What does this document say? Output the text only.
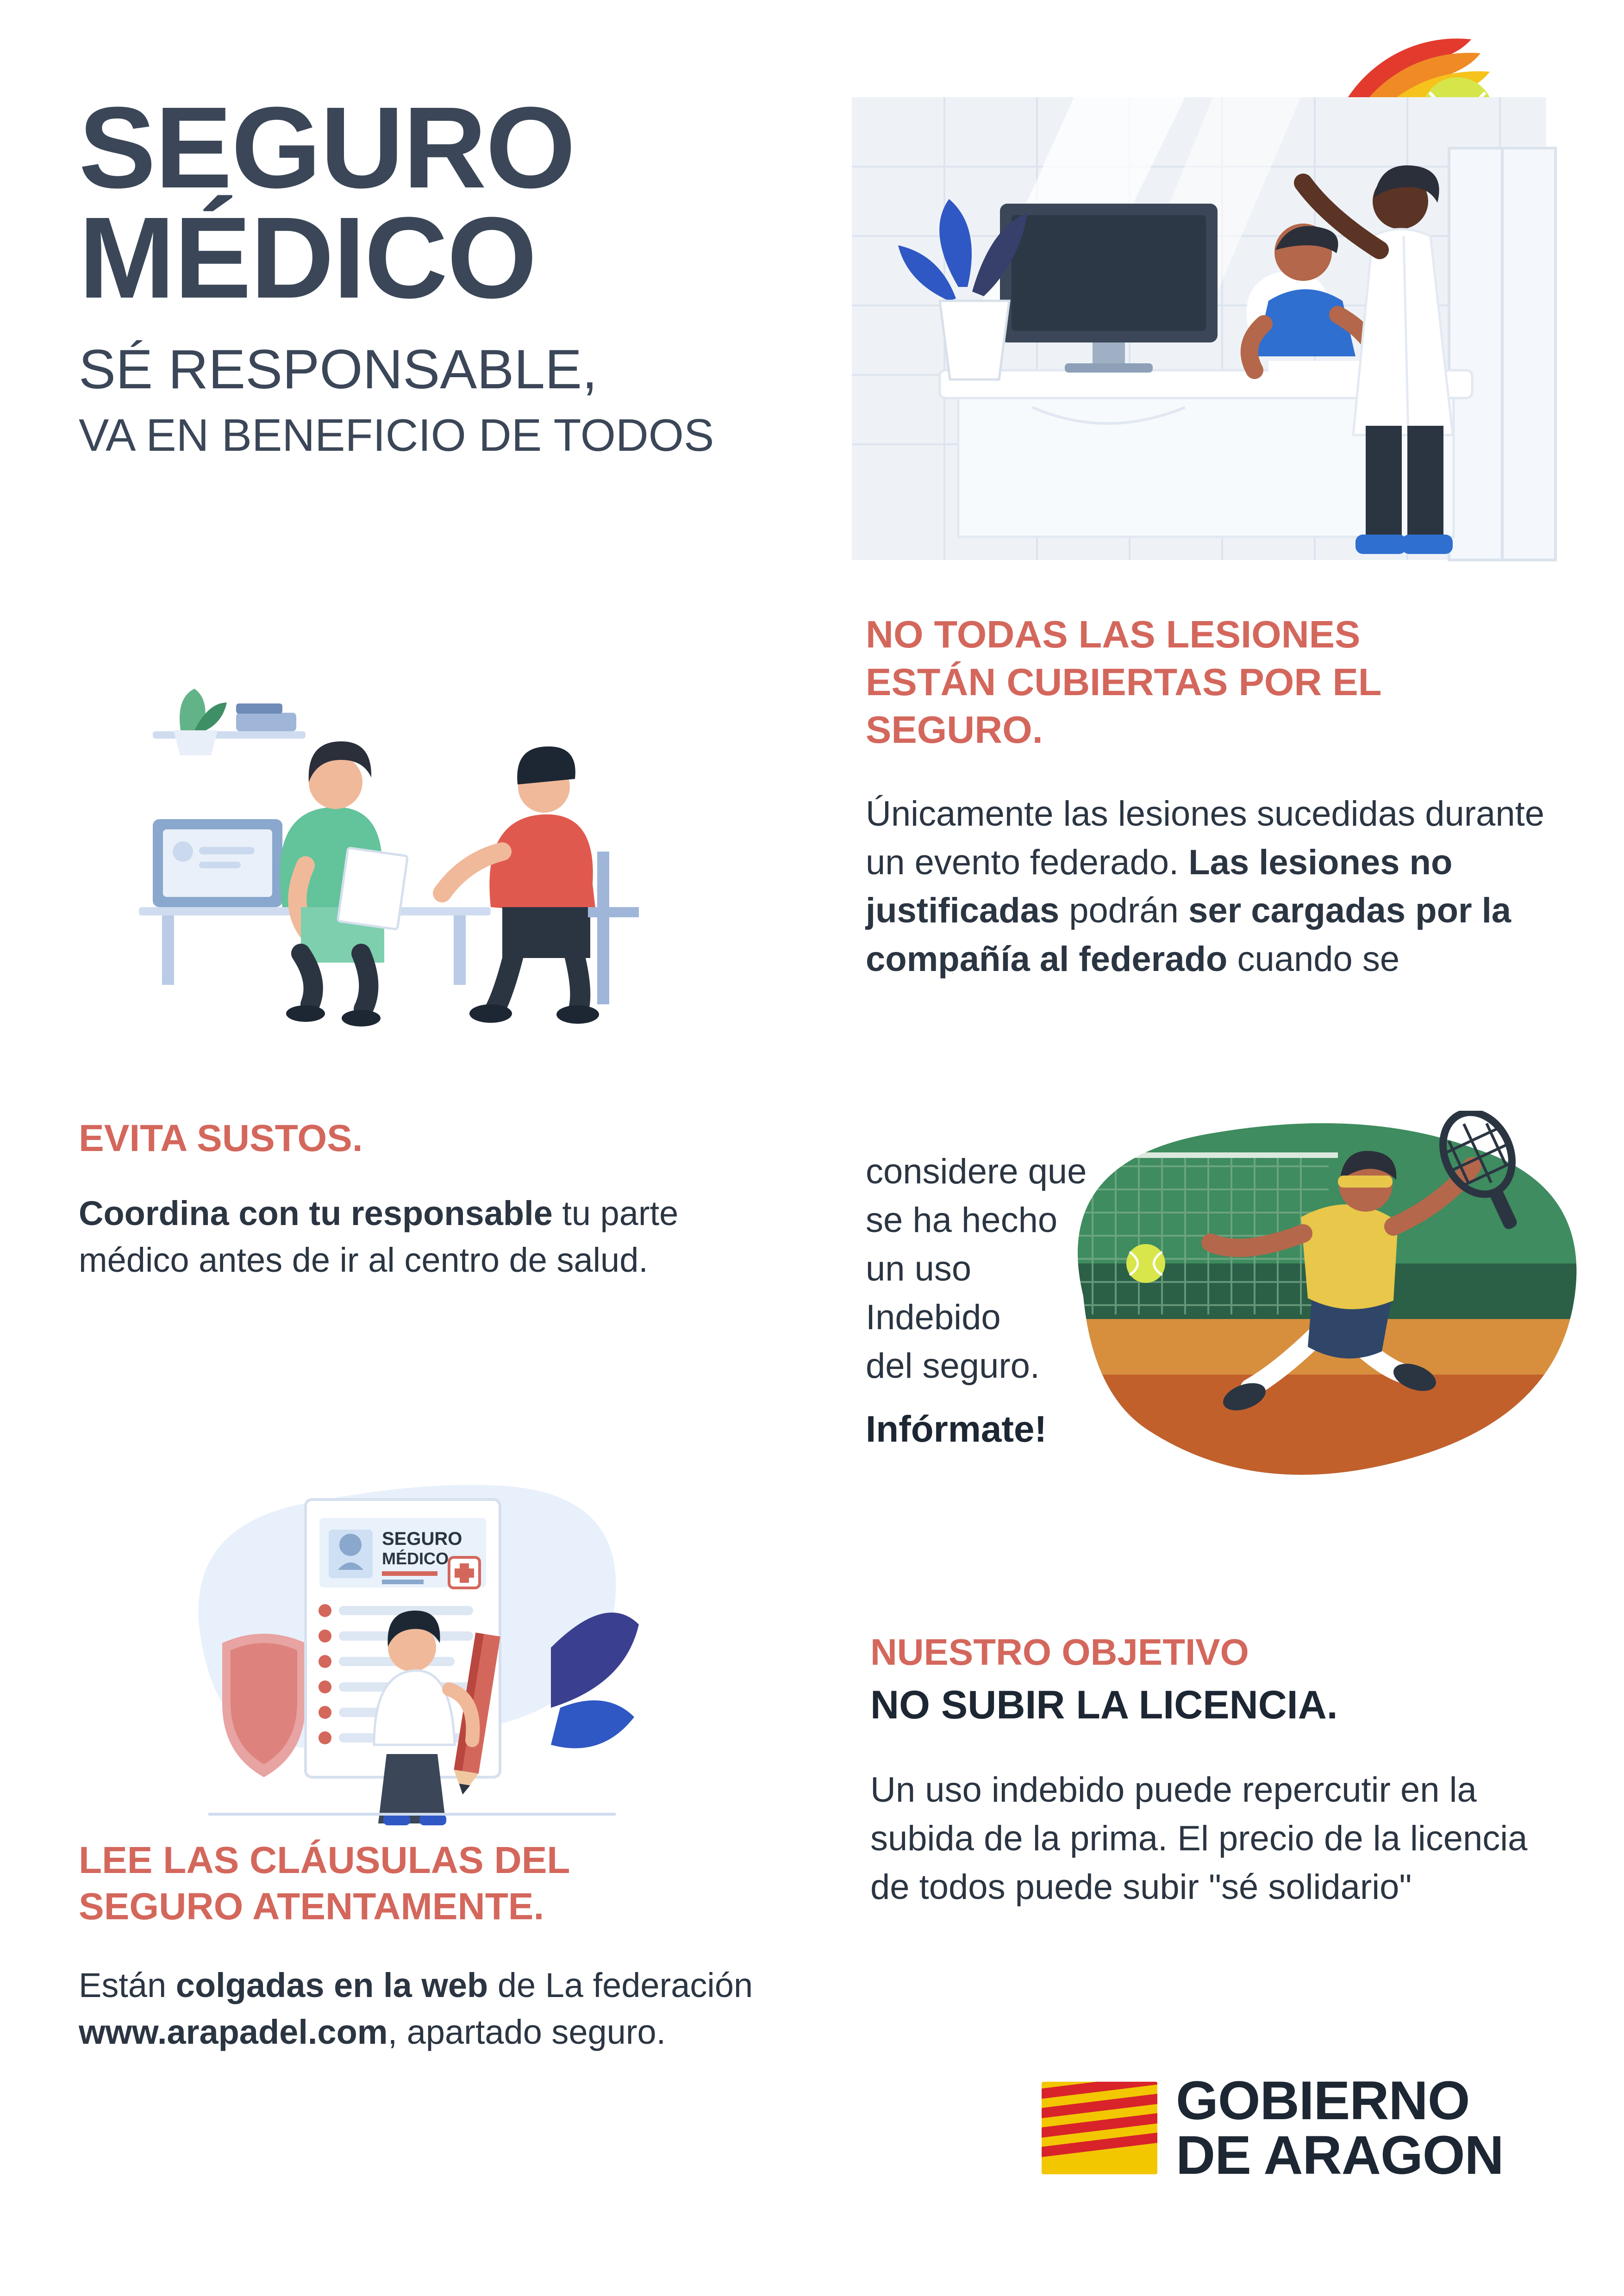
SEGURO
MÉDICO
SÉ RESPONSABLE,
VA EN BENEFICIO DE TODOS

EVITA SUSTOS.

Coordina con tu responsable tu parte médico antes de ir al centro de salud.

SEGURO
MÉDICO

LEE LAS CLÁUSULAS DEL
SEGURO ATENTAMENTE.

Están colgadas en la web de La federación www.arapadel.com, apartado seguro.

NO TODAS LAS LESIONES
ESTÁN CUBIERTAS POR EL
SEGURO.

Únicamente las lesiones sucedidas durante un evento federado. Las lesiones no justificadas podrán ser cargadas por la compañía al federado cuando se

considere que

se ha hecho

un uso

Indebido

del seguro.

Infórmate!

NUESTRO OBJETIVO

NO SUBIR LA LICENCIA.

Un uso indebido puede repercutir en la subida de la prima. El precio de la licencia de todos puede subir "sé solidario"

GOBIERNO
DE ARAGON
